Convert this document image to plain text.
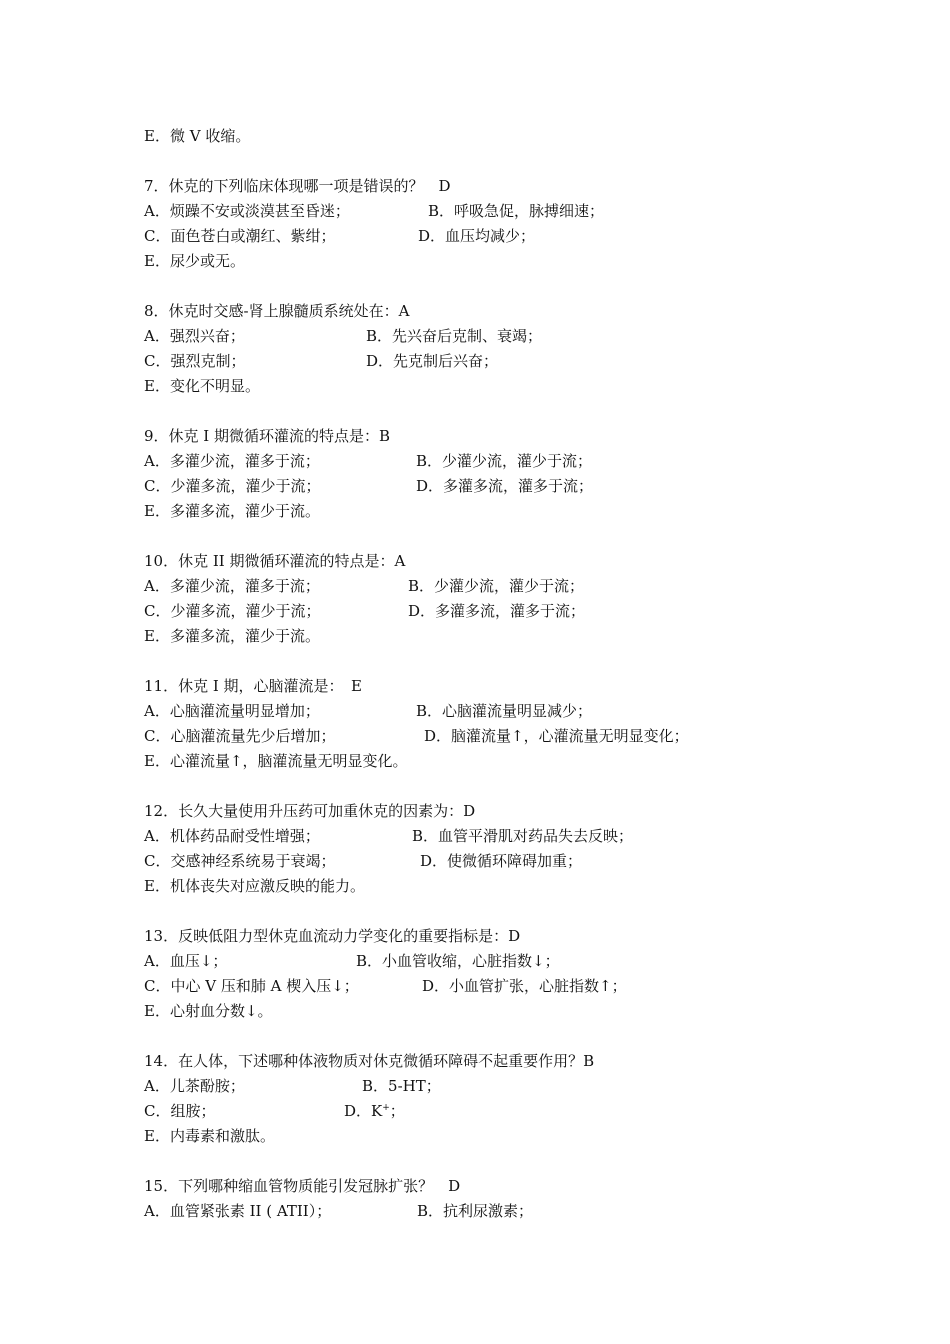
E．微 V 收缩。
7．休克的下列临床体现哪一项是错误的？　D
A．烦躁不安或淡漠甚至昏迷；	B．呼吸急促，脉搏细速；
C．面色苍白或潮红、紫绀；	D．血压均减少；
E．尿少或无。
8．休克时交感-肾上腺髓质系统处在：A
A．强烈兴奋；	B．先兴奋后克制、衰竭；
C．强烈克制；	D．先克制后兴奋；
E．变化不明显。
9．休克 I 期微循环灌流的特点是：B
A．多灌少流，灌多于流；	B．少灌少流，灌少于流；
C．少灌多流，灌少于流；	D．多灌多流，灌多于流；
E．多灌多流，灌少于流。
10．休克 II 期微循环灌流的特点是：A
A．多灌少流，灌多于流；	B．少灌少流，灌少于流；
C．少灌多流，灌少于流；	D．多灌多流，灌多于流；
E．多灌多流，灌少于流。
11．休克 I 期，心脑灌流是：　E
A．心脑灌流量明显增加；	B．心脑灌流量明显减少；
C．心脑灌流量先少后增加；	D．脑灌流量↑，心灌流量无明显变化；
E．心灌流量↑，脑灌流量无明显变化。
12．长久大量使用升压药可加重休克的因素为：D
A．机体药品耐受性增强；	B．血管平滑肌对药品失去反映；
C．交感神经系统易于衰竭；	D．使微循环障碍加重；
E．机体丧失对应激反映的能力。
13．反映低阻力型休克血流动力学变化的重要指标是：D
A．血压↓；	B．小血管收缩，心脏指数↓；
C．中心 V 压和肺 A 楔入压↓；	D．小血管扩张，心脏指数↑；
E．心射血分数↓。
14．在人体，下述哪种体液物质对休克微循环障碍不起重要作用？B
A．儿茶酚胺；	B．5-HT；
C．组胺；	D．K+；
E．内毒素和激肽。
15．下列哪种缩血管物质能引发冠脉扩张？　D
A．血管紧张素 II ( ATII）；	B．抗利尿激素；
